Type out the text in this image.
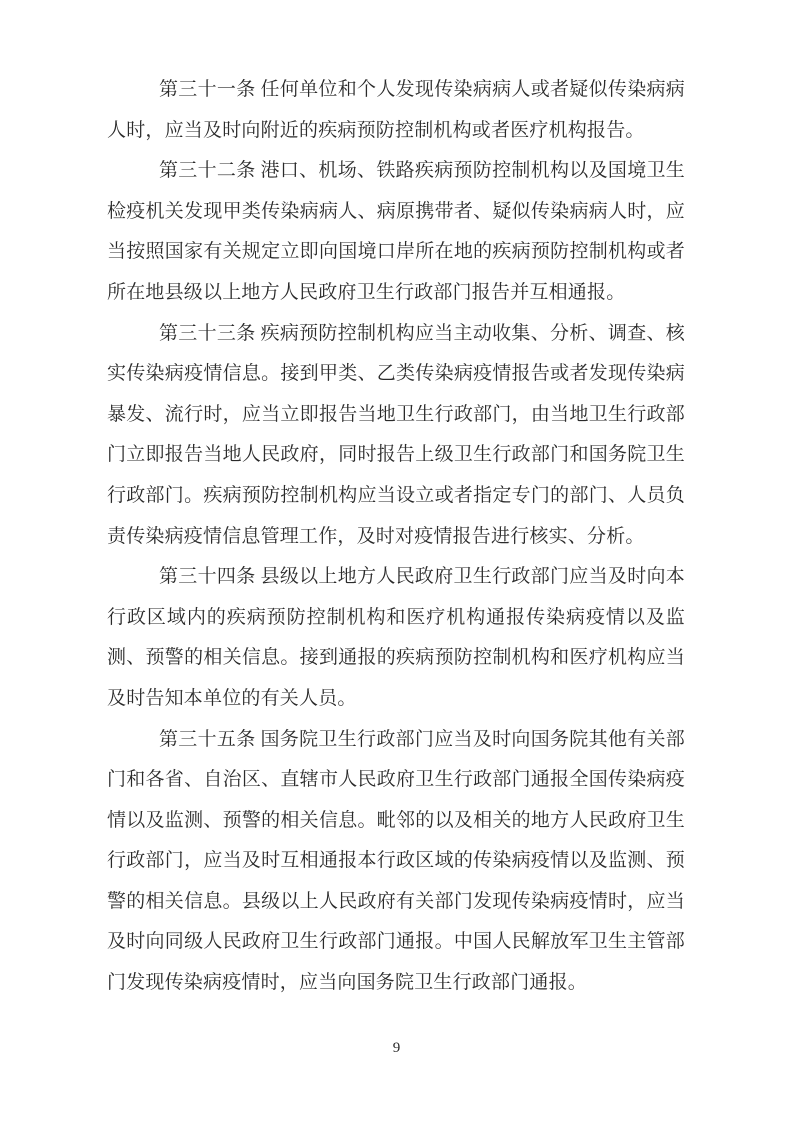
第三十一条 任何单位和个人发现传染病病人或者疑似传染病病人时，应当及时向附近的疾病预防控制机构或者医疗机构报告。

第三十二条 港口、机场、铁路疾病预防控制机构以及国境卫生检疫机关发现甲类传染病病人、病原携带者、疑似传染病病人时，应当按照国家有关规定立即向国境口岸所在地的疾病预防控制机构或者所在地县级以上地方人民政府卫生行政部门报告并互相通报。

第三十三条 疾病预防控制机构应当主动收集、分析、调查、核实传染病疫情信息。接到甲类、乙类传染病疫情报告或者发现传染病暴发、流行时，应当立即报告当地卫生行政部门，由当地卫生行政部门立即报告当地人民政府，同时报告上级卫生行政部门和国务院卫生行政部门。疾病预防控制机构应当设立或者指定专门的部门、人员负责传染病疫情信息管理工作，及时对疫情报告进行核实、分析。

第三十四条 县级以上地方人民政府卫生行政部门应当及时向本行政区域内的疾病预防控制机构和医疗机构通报传染病疫情以及监测、预警的相关信息。接到通报的疾病预防控制机构和医疗机构应当及时告知本单位的有关人员。

第三十五条 国务院卫生行政部门应当及时向国务院其他有关部门和各省、自治区、直辖市人民政府卫生行政部门通报全国传染病疫情以及监测、预警的相关信息。毗邻的以及相关的地方人民政府卫生行政部门，应当及时互相通报本行政区域的传染病疫情以及监测、预警的相关信息。县级以上人民政府有关部门发现传染病疫情时，应当及时向同级人民政府卫生行政部门通报。中国人民解放军卫生主管部门发现传染病疫情时，应当向国务院卫生行政部门通报。

9
